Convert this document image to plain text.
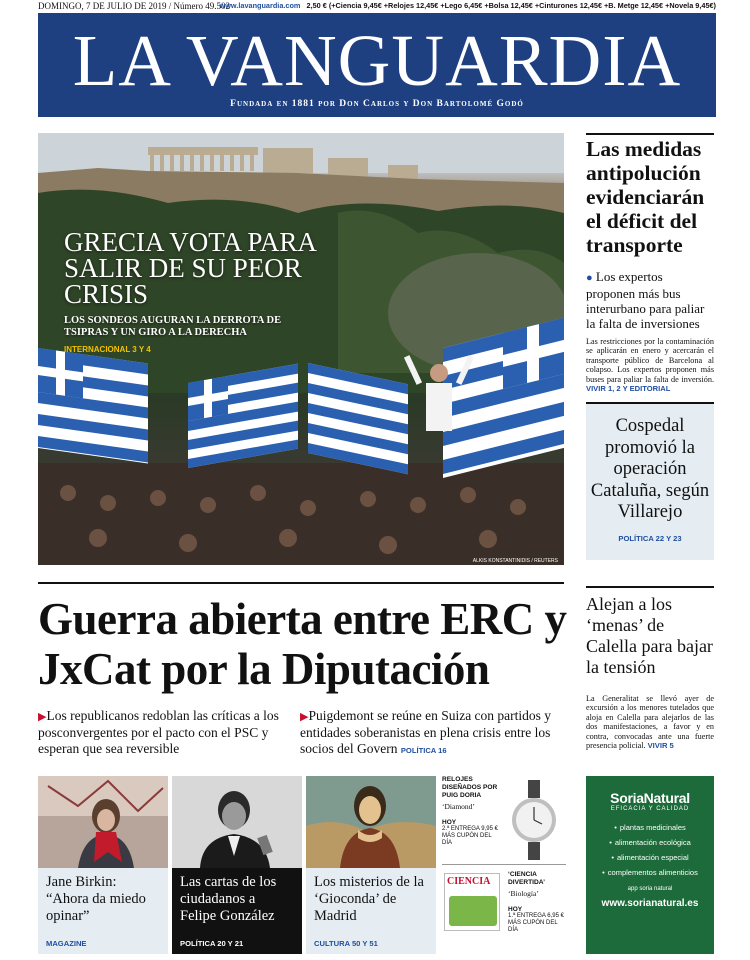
DOMINGO, 7 DE JULIO DE 2019 / Número 49.502
www.lavanguardia.com 2,50 € (+Ciencia 9,45€ +Relojes 12,45€ +Lego 6,45€ +Bolsa 12,45€ +Cinturones 12,45€ +B. Metge 12,45€ +Novela 9,45€)
LA VANGUARDIA
Fundada en 1881 por Don Carlos y Don Bartolomé Godó
GRECIA VOTA PARA SALIR DE SU PEOR CRISIS
LOS SONDEOS AUGURAN LA DERROTA DE TSIPRAS Y UN GIRO A LA DERECHA
INTERNACIONAL 3 Y 4
ALKIS KONSTANTINIDIS / REUTERS
Las medidas antipolución evidenciarán el déficit del transporte
● Los expertos proponen más bus interurbano para paliar la falta de inversiones
Las restricciones por la contaminación se aplicarán en enero y acercarán el transporte público de Barcelona al colapso. Los expertos proponen más buses para paliar la falta de inversión. VIVIR 1, 2 Y EDITORIAL
Cospedal promovió la operación Cataluña, según Villarejo
POLÍTICA 22 Y 23
Alejan a los ‘menas’ de Calella para bajar la tensión
La Generalitat se llevó ayer de excursión a los menores tutelados que aloja en Calella para alejarlos de las dos manifestaciones, a favor y en contra, convocadas ante una fuerte presencia policial. VIVIR 5
Guerra abierta entre ERC y JxCat por la Diputación
▶Los republicanos redoblan las críticas a los posconvergentes por el pacto con el PSC y esperan que sea reversible
▶Puigdemont se reúne en Suiza con partidos y entidades soberanistas en plena crisis entre los socios del Govern POLÍTICA 16
Jane Birkin: “Ahora da miedo opinar”
MAGAZINE
Las cartas de los ciudadanos a Felipe González
POLÍTICA 20 Y 21
Los misterios de la ‘Gioconda’ de Madrid
CULTURA 50 Y 51
RELOJES DISEÑADOS POR PUIG DORIA
‘Diamond’
HOY
2.ª ENTREGA 9,95 € MÁS CUPÓN DEL DÍA
CIENCIA
‘CIENCIA DIVERTIDA’
‘Biología’
HOY
1.ª ENTREGA 6,95 € MÁS CUPÓN DEL DÍA
SoriaNatural
EFICACIA Y CALIDAD
• plantas medicinales
• alimentación ecológica
• alimentación especial
• complementos alimenticios
app soria natural
www.sorianatural.es
